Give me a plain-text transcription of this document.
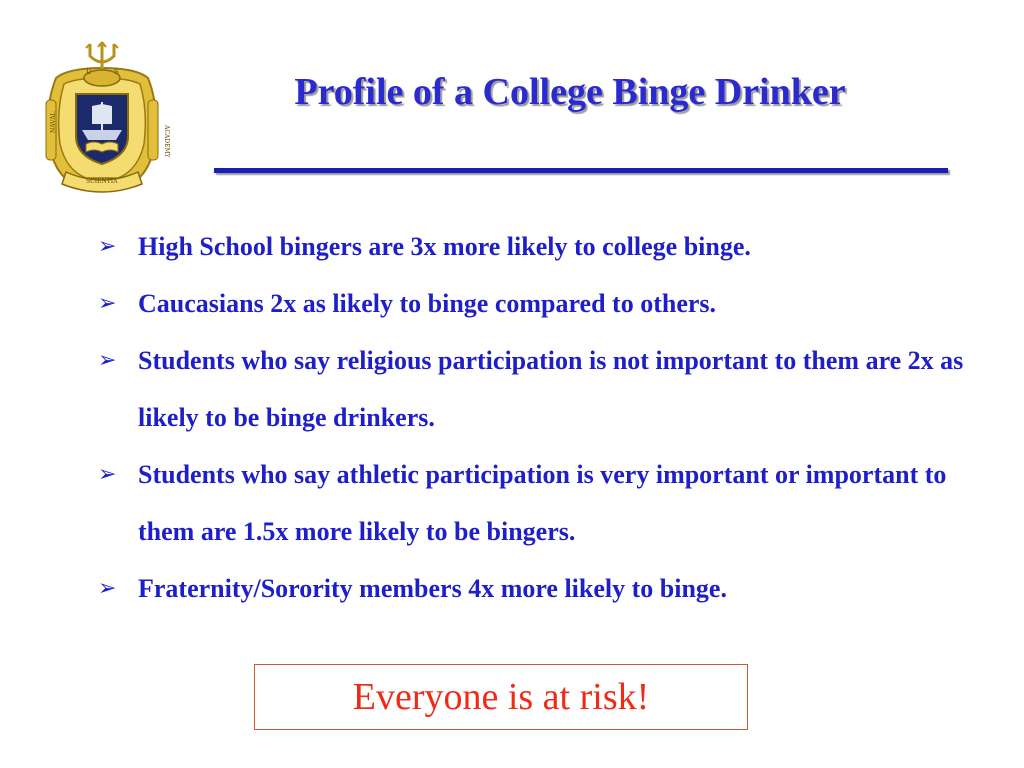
U	S
NAVAL
ACADEMY
SCIENTIA
Profile of a College Binge Drinker
➢ High School bingers are 3x more likely to college binge.
➢ Caucasians 2x as likely to binge compared to others.
➢ Students who say religious participation is not important to them are 2x as likely to be binge drinkers.
➢ Students who say athletic participation is very important or important to them are 1.5x more likely to be bingers.
➢ Fraternity/Sorority members 4x more likely to binge.
Everyone is at risk!
